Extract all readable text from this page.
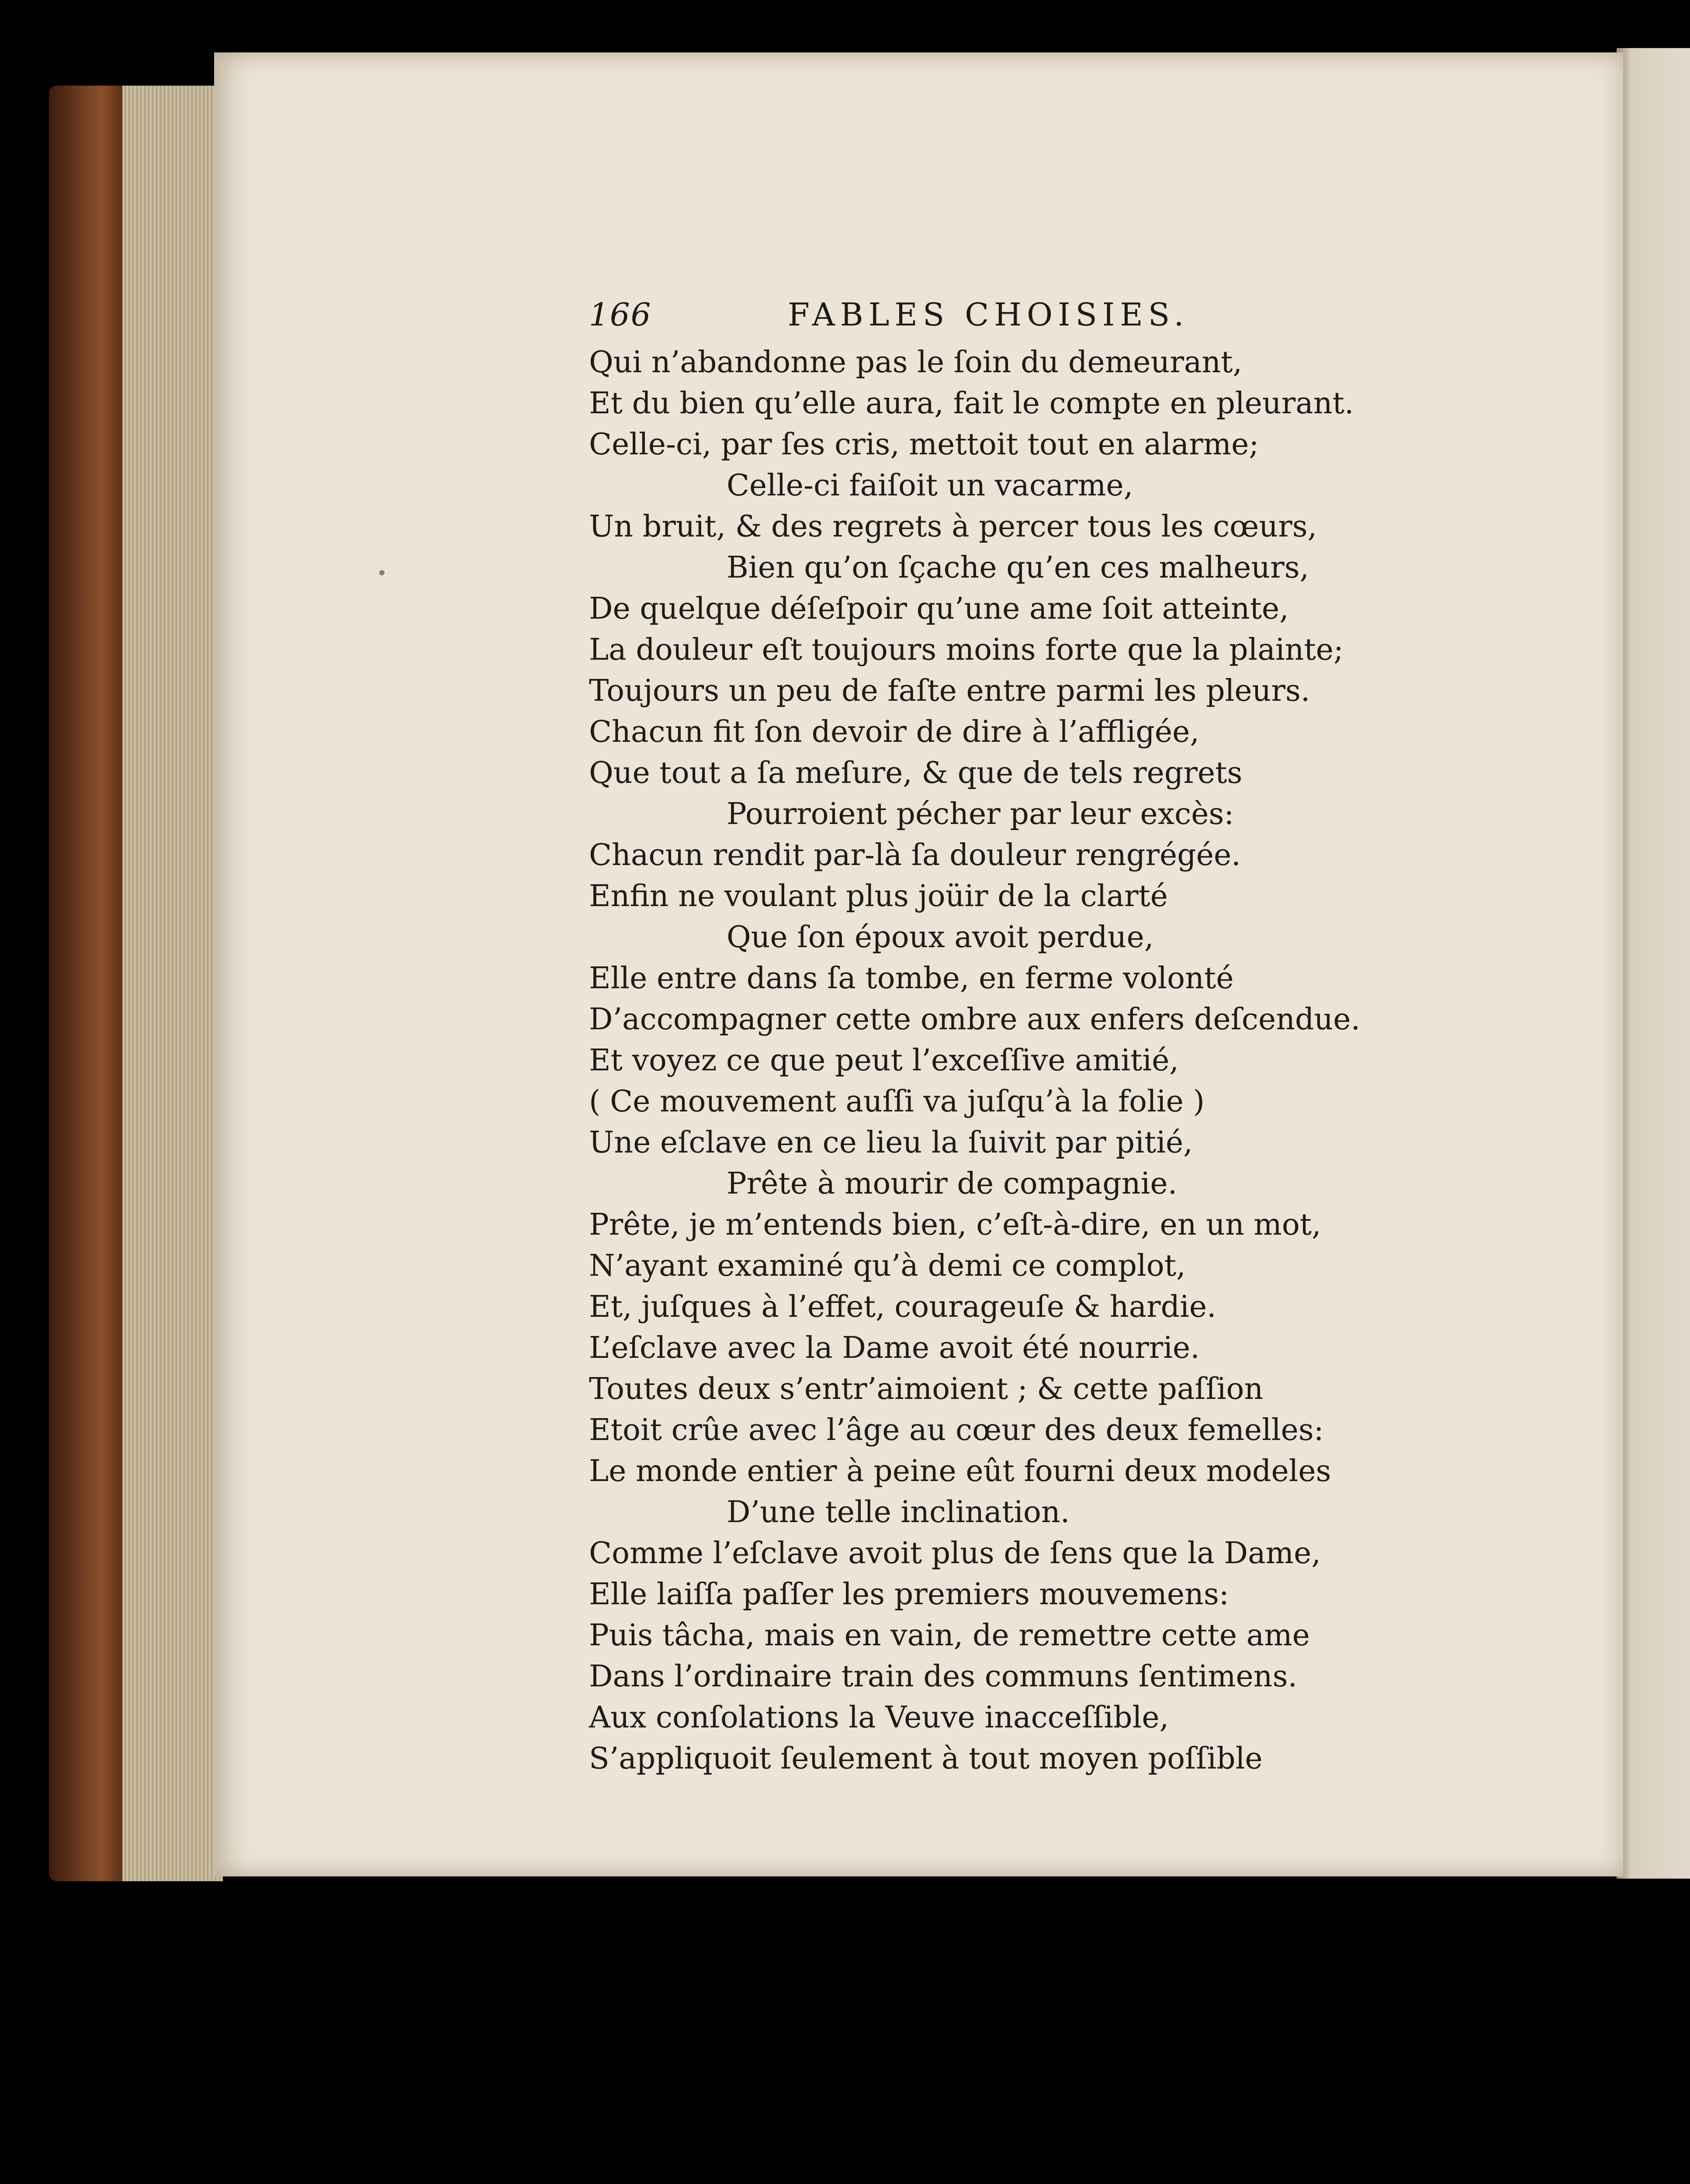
166	FABLES CHOISIES.
Qui n’abandonne pas le ſoin du demeurant,
Et du bien qu’elle aura, fait le compte en pleurant.
Celle-ci, par ſes cris, mettoit tout en alarme;
Celle-ci faiſoit un vacarme,
Un bruit, & des regrets à percer tous les cœurs,
Bien qu’on ſçache qu’en ces malheurs,
De quelque déſeſpoir qu’une ame ſoit atteinte,
La douleur eſt toujours moins forte que la plainte;
Toujours un peu de faſte entre parmi les pleurs.
Chacun fit ſon devoir de dire à l’affligée,
Que tout a ſa meſure, & que de tels regrets
Pourroient pécher par leur excès:
Chacun rendit par-là ſa douleur rengrégée.
Enfin ne voulant plus joüir de la clarté
Que ſon époux avoit perdue,
Elle entre dans ſa tombe, en ferme volonté
D’accompagner cette ombre aux enfers deſcendue.
Et voyez ce que peut l’exceſſive amitié,
( Ce mouvement auſſi va juſqu’à la folie )
Une eſclave en ce lieu la ſuivit par pitié,
Prête à mourir de compagnie.
Prête, je m’entends bien, c’eſt-à-dire, en un mot,
N’ayant examiné qu’à demi ce complot,
Et, juſques à l’effet, courageuſe & hardie.
L’eſclave avec la Dame avoit été nourrie.
Toutes deux s’entr’aimoient ; & cette paſſion
Etoit crûe avec l’âge au cœur des deux femelles:
Le monde entier à peine eût fourni deux modeles
D’une telle inclination.
Comme l’eſclave avoit plus de ſens que la Dame,
Elle laiſſa paſſer les premiers mouvemens:
Puis tâcha, mais en vain, de remettre cette ame
Dans l’ordinaire train des communs ſentimens.
Aux conſolations la Veuve inacceſſible,
S’appliquoit ſeulement à tout moyen poſſible
